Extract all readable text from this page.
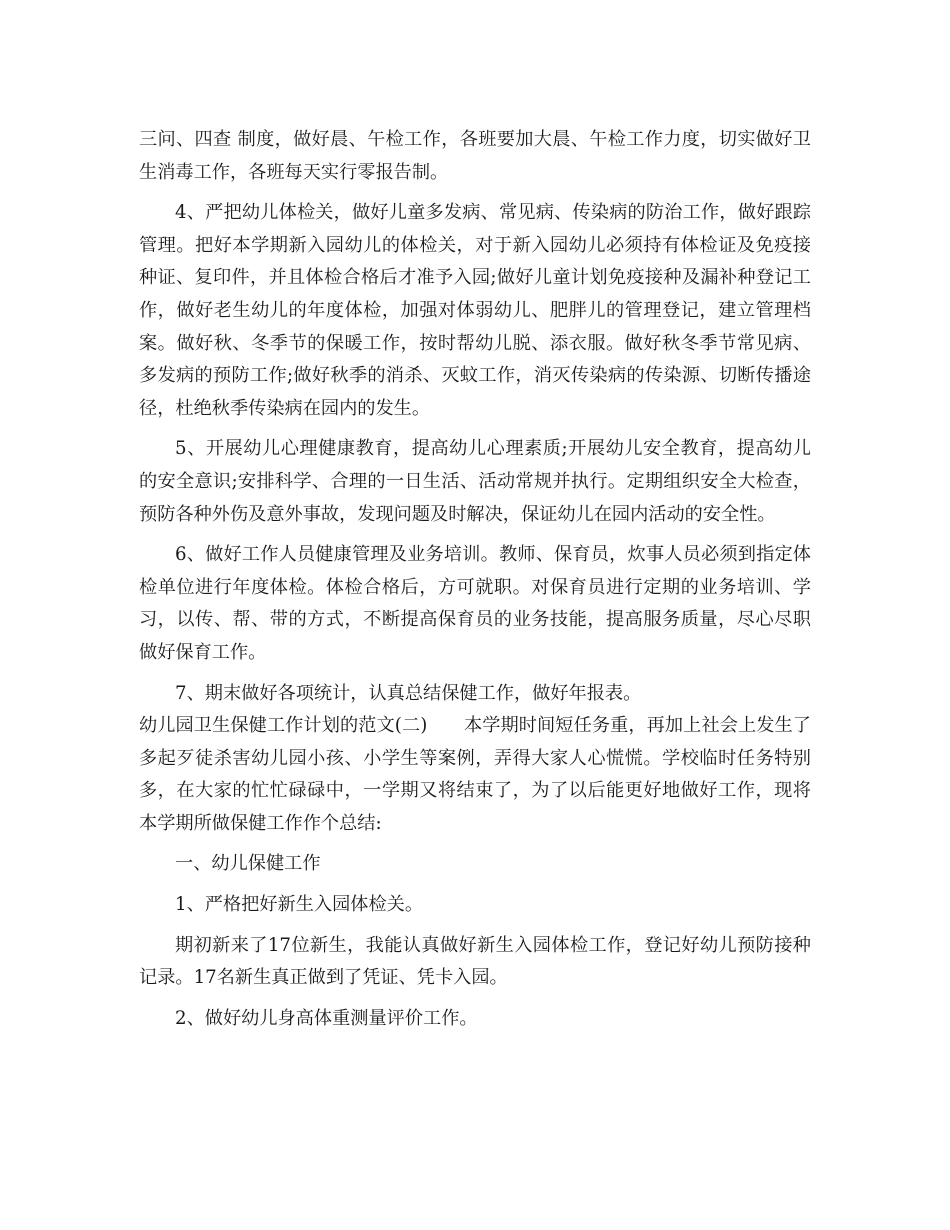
三问、四查 制度，做好晨、午检工作，各班要加大晨、午检工作力度，切实做好卫生消毒工作，各班每天实行零报告制。

4、严把幼儿体检关，做好儿童多发病、常见病、传染病的防治工作，做好跟踪管理。把好本学期新入园幼儿的体检关，对于新入园幼儿必须持有体检证及免疫接种证、复印件，并且体检合格后才准予入园;做好儿童计划免疫接种及漏补种登记工作，做好老生幼儿的年度体检，加强对体弱幼儿、肥胖儿的管理登记，建立管理档案。做好秋、冬季节的保暖工作，按时帮幼儿脱、添衣服。做好秋冬季节常见病、多发病的预防工作;做好秋季的消杀、灭蚊工作，消灭传染病的传染源、切断传播途径，杜绝秋季传染病在园内的发生。

5、开展幼儿心理健康教育，提高幼儿心理素质;开展幼儿安全教育，提高幼儿的安全意识;安排科学、合理的一日生活、活动常规并执行。定期组织安全大检查，预防各种外伤及意外事故，发现问题及时解决，保证幼儿在园内活动的安全性。

6、做好工作人员健康管理及业务培训。教师、保育员，炊事人员必须到指定体检单位进行年度体检。体检合格后，方可就职。对保育员进行定期的业务培训、学习，以传、帮、带的方式，不断提高保育员的业务技能，提高服务质量，尽心尽职做好保育工作。

7、期末做好各项统计，认真总结保健工作，做好年报表。

幼儿园卫生保健工作计划的范文(二)　　本学期时间短任务重，再加上社会上发生了多起歹徒杀害幼儿园小孩、小学生等案例，弄得大家人心慌慌。学校临时任务特别多，在大家的忙忙碌碌中，一学期又将结束了，为了以后能更好地做好工作，现将本学期所做保健工作作个总结:

一、幼儿保健工作

1、严格把好新生入园体检关。

期初新来了17位新生，我能认真做好新生入园体检工作，登记好幼儿预防接种记录。17名新生真正做到了凭证、凭卡入园。

2、做好幼儿身高体重测量评价工作。
